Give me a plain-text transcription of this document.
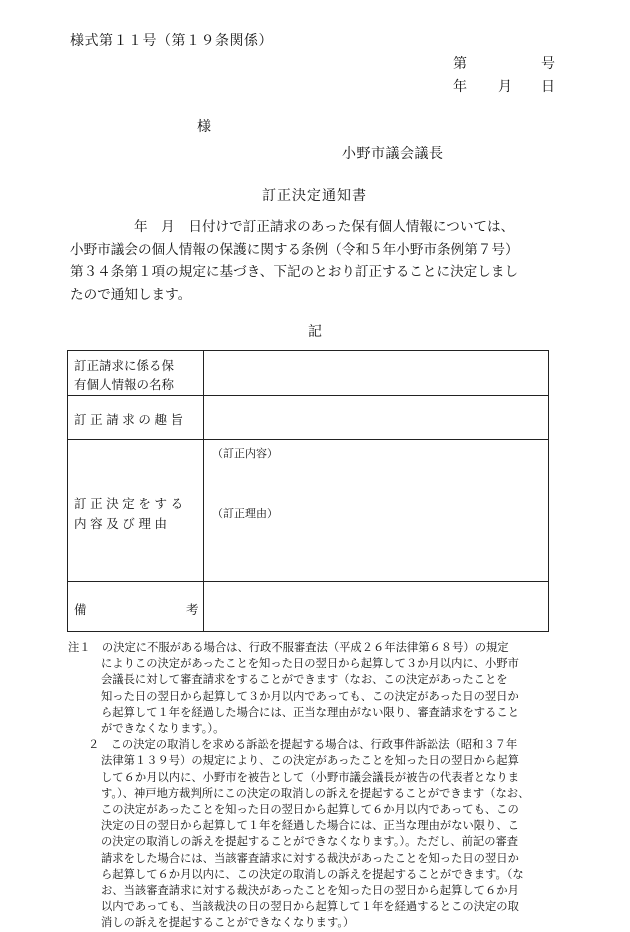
様式第１１号（第１９条関係）
第	号
年 月 日
様
小野市議会議長
訂正決定通知書
年　月　日付けで訂正請求のあった保有個人情報については、
小野市議会の個人情報の保護に関する条例（令和５年小野市条例第７号）
第３４条第１項の規定に基づき、下記のとおり訂正することに決定しまし
たので通知します。
記
訂正請求に係る保
有個人情報の名称
訂正請求の趣旨
訂正決定をする
内容及び理由
（訂正内容）
（訂正理由）
備	考
注１　の決定に不服がある場合は、行政不服審査法（平成２６年法律第６８号）の規定
によりこの決定があったことを知った日の翌日から起算して３か月以内に、小野市
会議長に対して審査請求をすることができます（なお、この決定があったことを
知った日の翌日から起算して３か月以内であっても、この決定があった日の翌日か
ら起算して１年を経過した場合には、正当な理由がない限り、審査請求をすること
ができなくなります。）。
２　この決定の取消しを求める訴訟を提起する場合は、行政事件訴訟法（昭和３７年
法律第１３９号）の規定により、この決定があったことを知った日の翌日から起算
して６か月以内に、小野市を被告として（小野市議会議長が被告の代表者となりま
す。）、神戸地方裁判所にこの決定の取消しの訴えを提起することができます（なお、
この決定があったことを知った日の翌日から起算して６か月以内であっても、この
決定の日の翌日から起算して１年を経過した場合には、正当な理由がない限り、こ
の決定の取消しの訴えを提起することができなくなります。）。ただし、前記の審査
請求をした場合には、当該審査請求に対する裁決があったことを知った日の翌日か
ら起算して６か月以内に、この決定の取消しの訴えを提起することができます。（な
お、当該審査請求に対する裁決があったことを知った日の翌日から起算して６か月
以内であっても、当該裁決の日の翌日から起算して１年を経過するとこの決定の取
消しの訴えを提起することができなくなります。）
